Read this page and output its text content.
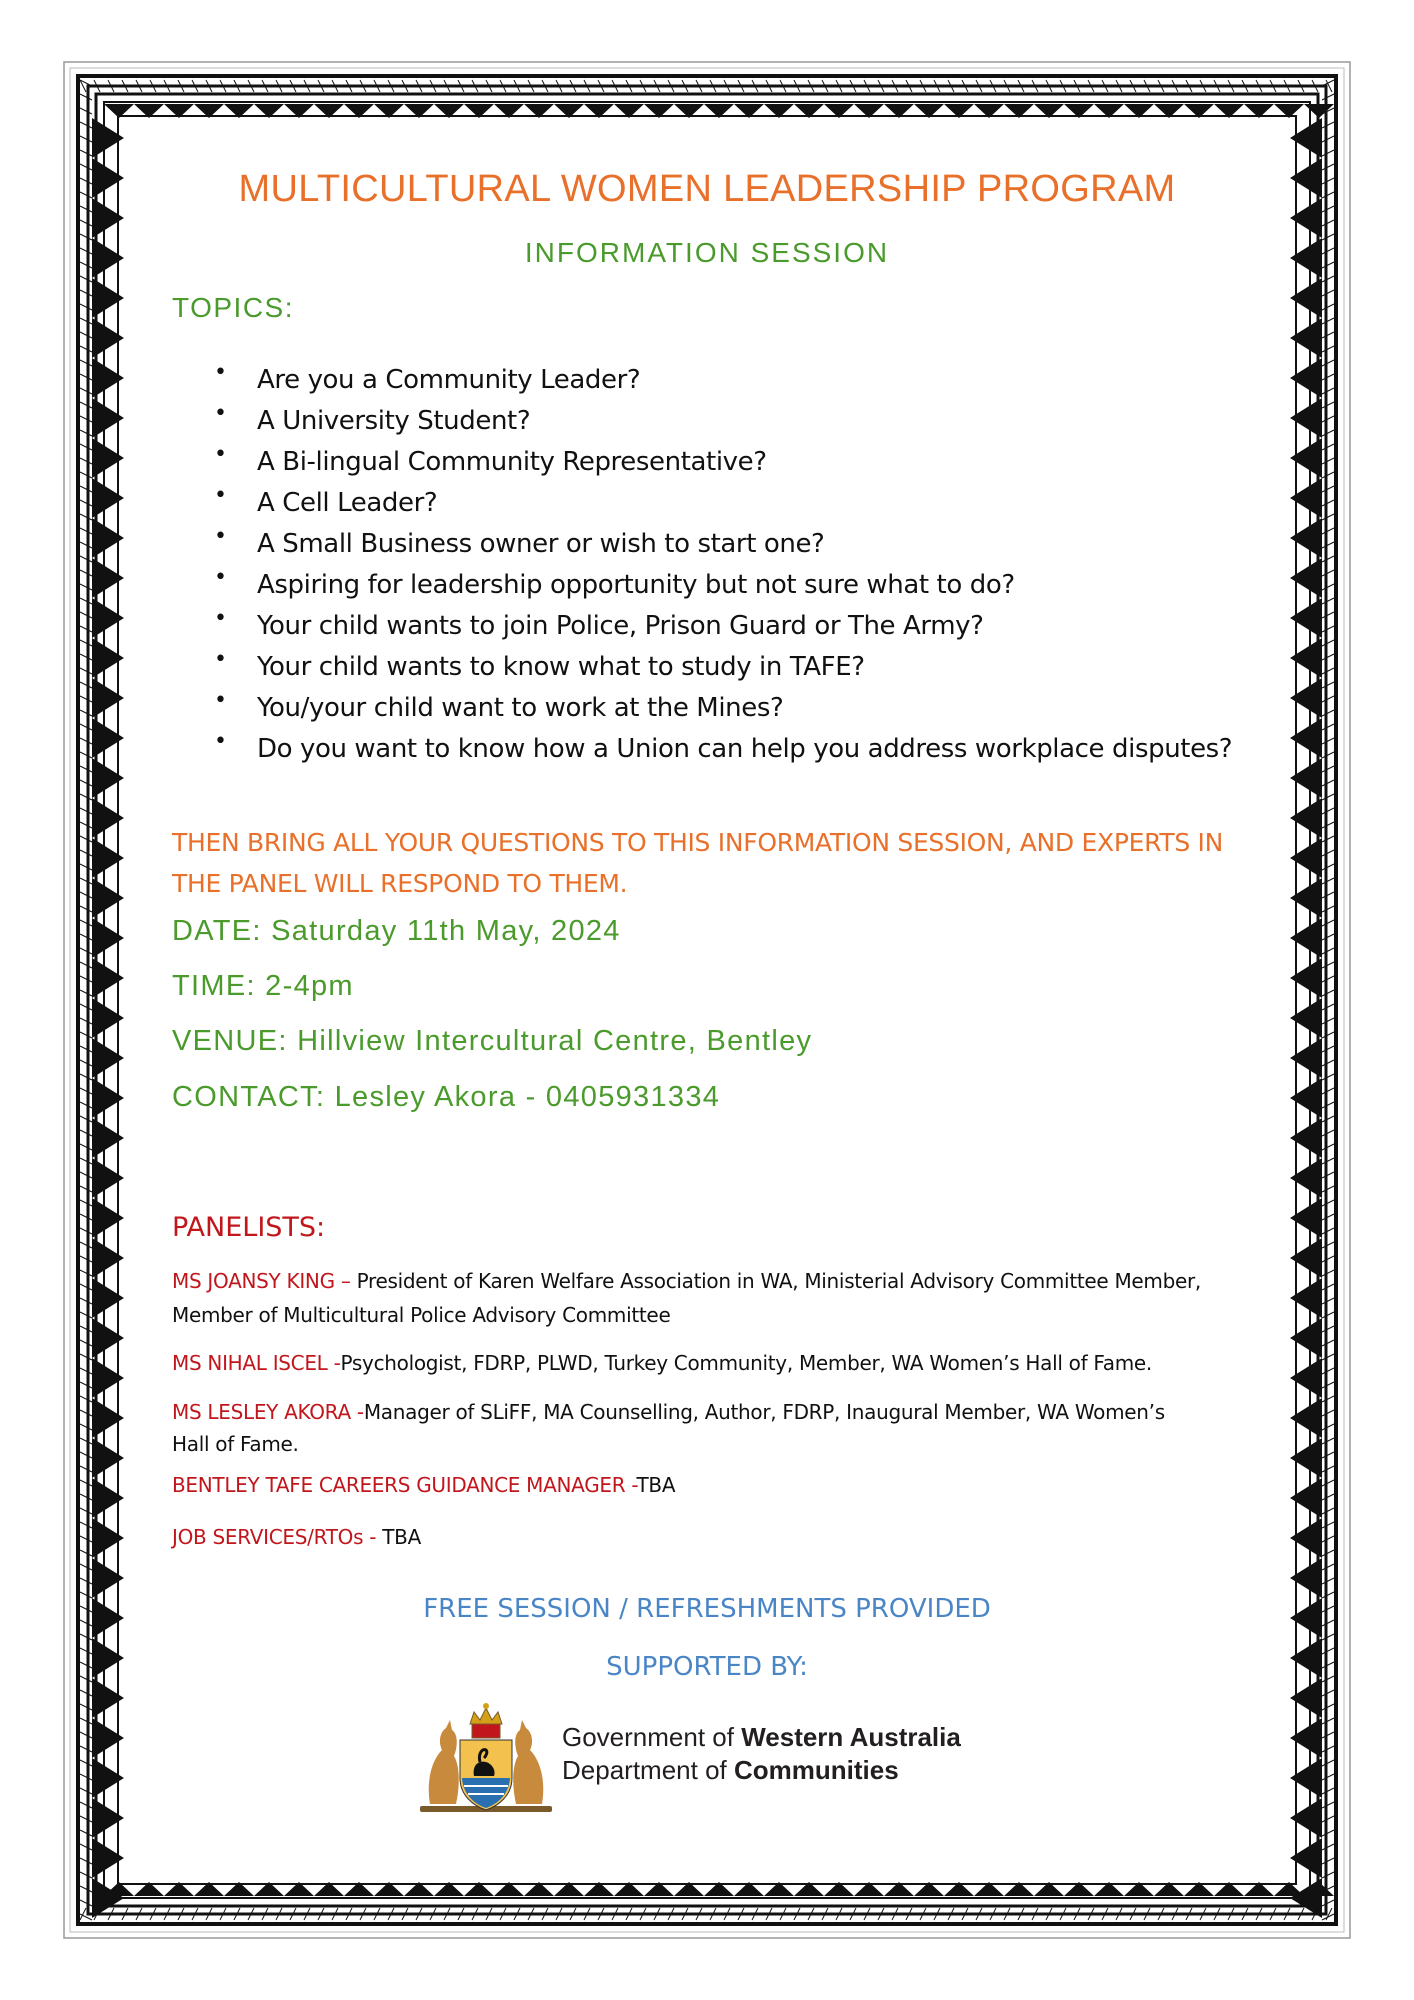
MULTICULTURAL WOMEN LEADERSHIP PROGRAM
INFORMATION SESSION
TOPICS:
• Are you a Community Leader?
• A University Student?
• A Bi-lingual Community Representative?
• A Cell Leader?
• A Small Business owner or wish to start one?
• Aspiring for leadership opportunity but not sure what to do?
• Your child wants to join Police, Prison Guard or The Army?
• Your child wants to know what to study in TAFE?
• You/your child want to work at the Mines?
• Do you want to know how a Union can help you address workplace disputes?
THEN BRING ALL YOUR QUESTIONS TO THIS INFORMATION SESSION, AND EXPERTS IN THE PANEL WILL RESPOND TO THEM.
DATE: Saturday 11th May, 2024
TIME: 2-4pm
VENUE: Hillview Intercultural Centre, Bentley
CONTACT: Lesley Akora - 0405931334
PANELISTS:
MS JOANSY KING – President of Karen Welfare Association in WA, Ministerial Advisory Committee Member, Member of Multicultural Police Advisory Committee
MS NIHAL ISCEL -Psychologist, FDRP, PLWD, Turkey Community, Member, WA Women’s Hall of Fame.
MS LESLEY AKORA -Manager of SLiFF, MA Counselling, Author, FDRP, Inaugural Member, WA Women’s Hall of Fame.
BENTLEY TAFE CAREERS GUIDANCE MANAGER -TBA
JOB SERVICES/RTOs - TBA
FREE SESSION / REFRESHMENTS PROVIDED
SUPPORTED BY:
Government of Western Australia
Department of Communities
